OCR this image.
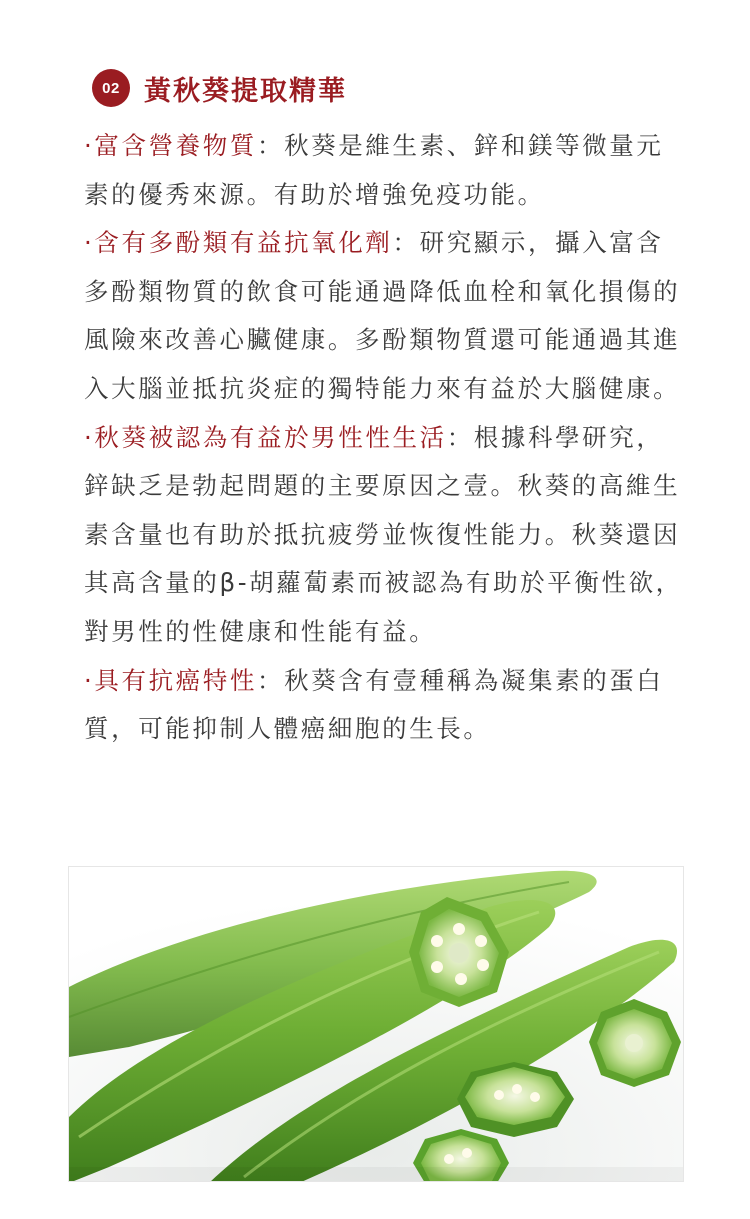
02 黃秋葵提取精華

·富含營養物質：秋葵是維生素、鋅和鎂等微量元素的優秀來源。有助於增強免疫功能。

·含有多酚類有益抗氧化劑：研究顯示，攝入富含多酚類物質的飲食可能通過降低血栓和氧化損傷的風險來改善心臟健康。多酚類物質還可能通過其進入大腦並抵抗炎症的獨特能力來有益於大腦健康。

·秋葵被認為有益於男性性生活：根據科學研究，鋅缺乏是勃起問題的主要原因之壹。秋葵的高維生素含量也有助於抵抗疲勞並恢復性能力。秋葵還因其高含量的β-胡蘿蔔素而被認為有助於平衡性欲，對男性的性健康和性能有益。

·具有抗癌特性：秋葵含有壹種稱為凝集素的蛋白質，可能抑制人體癌細胞的生長。
